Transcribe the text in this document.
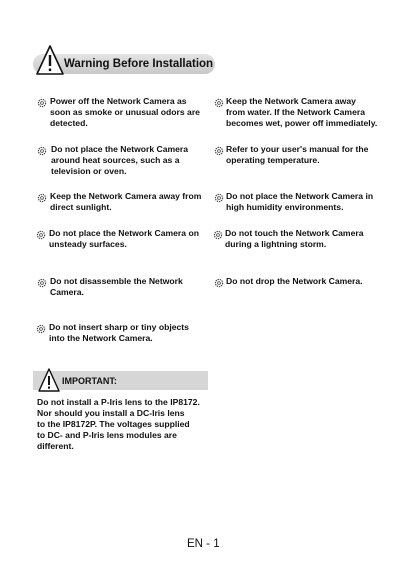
Warning Before Installation
Power off the Network Camera as
soon as smoke or unusual odors are
detected.
Do not place the Network Camera
around heat sources, such as a
television or oven.
Keep the Network Camera away from
direct sunlight.
Do not place the Network Camera on
unsteady surfaces.
Do not disassemble the Network
Camera.
Do not insert sharp or tiny objects
into the Network Camera.
Keep the Network Camera away
from water. If the Network Camera
becomes wet, power off immediately.
Refer to your user's manual for the
operating temperature.
Do not place the Network Camera in
high humidity environments.
Do not touch the Network Camera
during a lightning storm.
Do not drop the Network Camera.
IMPORTANT:
Do not install a P-Iris lens to the IP8172.
Nor should you install a DC-Iris lens
to the IP8172P. The voltages supplied
to DC- and P-Iris lens modules are
different.
EN - 1
